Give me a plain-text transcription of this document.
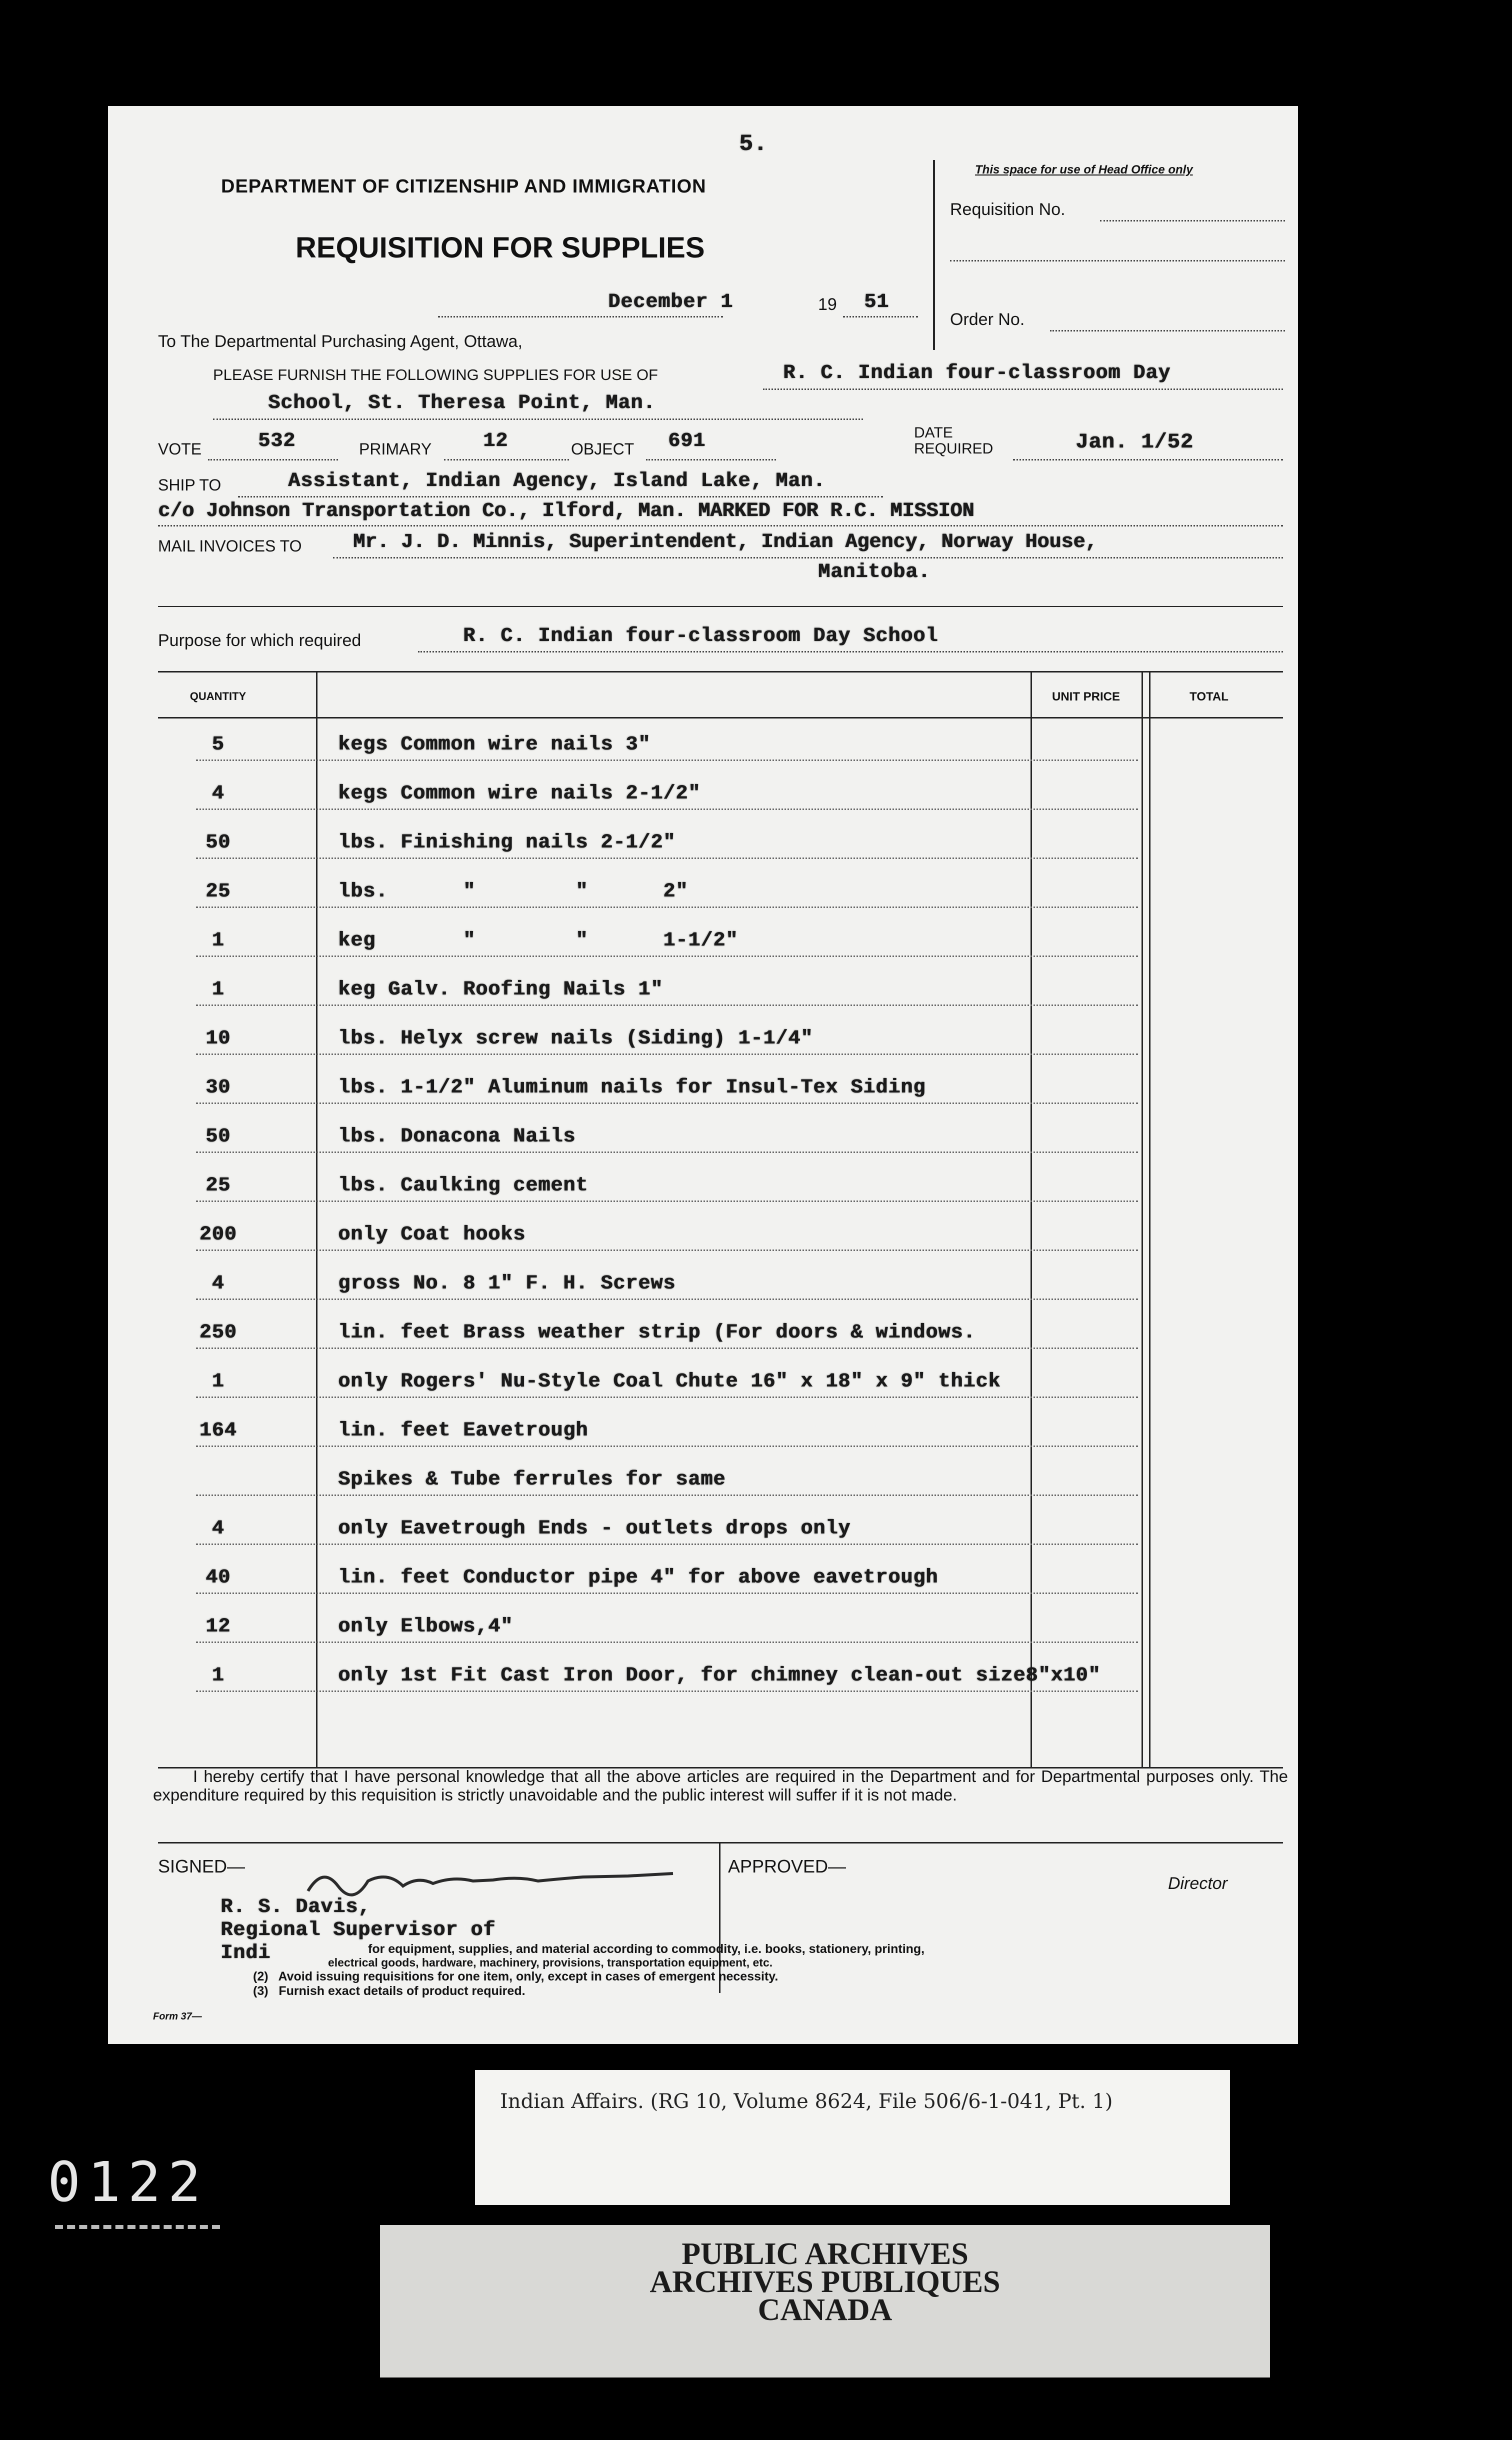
5.
DEPARTMENT OF CITIZENSHIP AND IMMIGRATION
REQUISITION FOR SUPPLIES
December 1	19 51
This space for use of Head Office only
Requisition No.
Order No.
To The Departmental Purchasing Agent, Ottawa,
PLEASE FURNISH THE FOLLOWING SUPPLIES FOR USE OF	R. C. Indian four-classroom Day
School, St. Theresa Point, Man.
VOTE	532	PRIMARY	12	OBJECT 691	DATE
REQUIRED	Jan. 1/52
SHIP TO	Assistant, Indian Agency, Island Lake, Man.
c/o Johnson Transportation Co., Ilford, Man. MARKED FOR R.C. MISSION
MAIL INVOICES TO	Mr. J. D. Minnis, Superintendent, Indian Agency, Norway House,
Manitoba.
Purpose for which required	R. C. Indian four-classroom Day School
QUANTITY	UNIT PRICE	TOTAL
5	kegs Common wire nails 3"
4	kegs Common wire nails 2-1/2"
50	lbs. Finishing nails 2-1/2"
25	lbs.      "        "      2"
1	keg       "        "      1-1/2"
1	keg Galv. Roofing Nails 1"
10	lbs. Helyx screw nails (Siding) 1-1/4"
30	lbs. 1-1/2" Aluminum nails for Insul-Tex Siding
50	lbs. Donacona Nails
25	lbs. Caulking cement
200	only Coat hooks
4	gross No. 8 1" F. H. Screws
250	lin. feet Brass weather strip (For doors & windows.
1	only Rogers' Nu-Style Coal Chute 16" x 18" x 9" thick
164	lin. feet Eavetrough
Spikes & Tube ferrules for same
4	only Eavetrough Ends - outlets drops only
40	lin. feet Conductor pipe 4" for above eavetrough
12	only Elbows,4"
1	only 1st Fit Cast Iron Door, for chimney clean-out size8"x10"
I hereby certify that I have personal knowledge that all the above articles are required in the Department and for Departmental purposes only. The expenditure required by this requisition is strictly unavoidable and the public interest will suffer if it is not made.
SIGNED—	APPROVED—
Director
R. S. Davis,
Regional Supervisor of
Indi	for equipment, supplies, and material according to commodity, i.e. books, stationery, printing,
electrical goods, hardware, machinery, provisions, transportation equipment, etc.
(2)   Avoid issuing requisitions for one item, only, except in cases of emergent necessity.
(3)   Furnish exact details of product required.
Form 37—
Indian Affairs. (RG 10, Volume 8624, File 506/6-1-041, Pt. 1)
0122
PUBLIC ARCHIVES
ARCHIVES PUBLIQUES
CANADA
